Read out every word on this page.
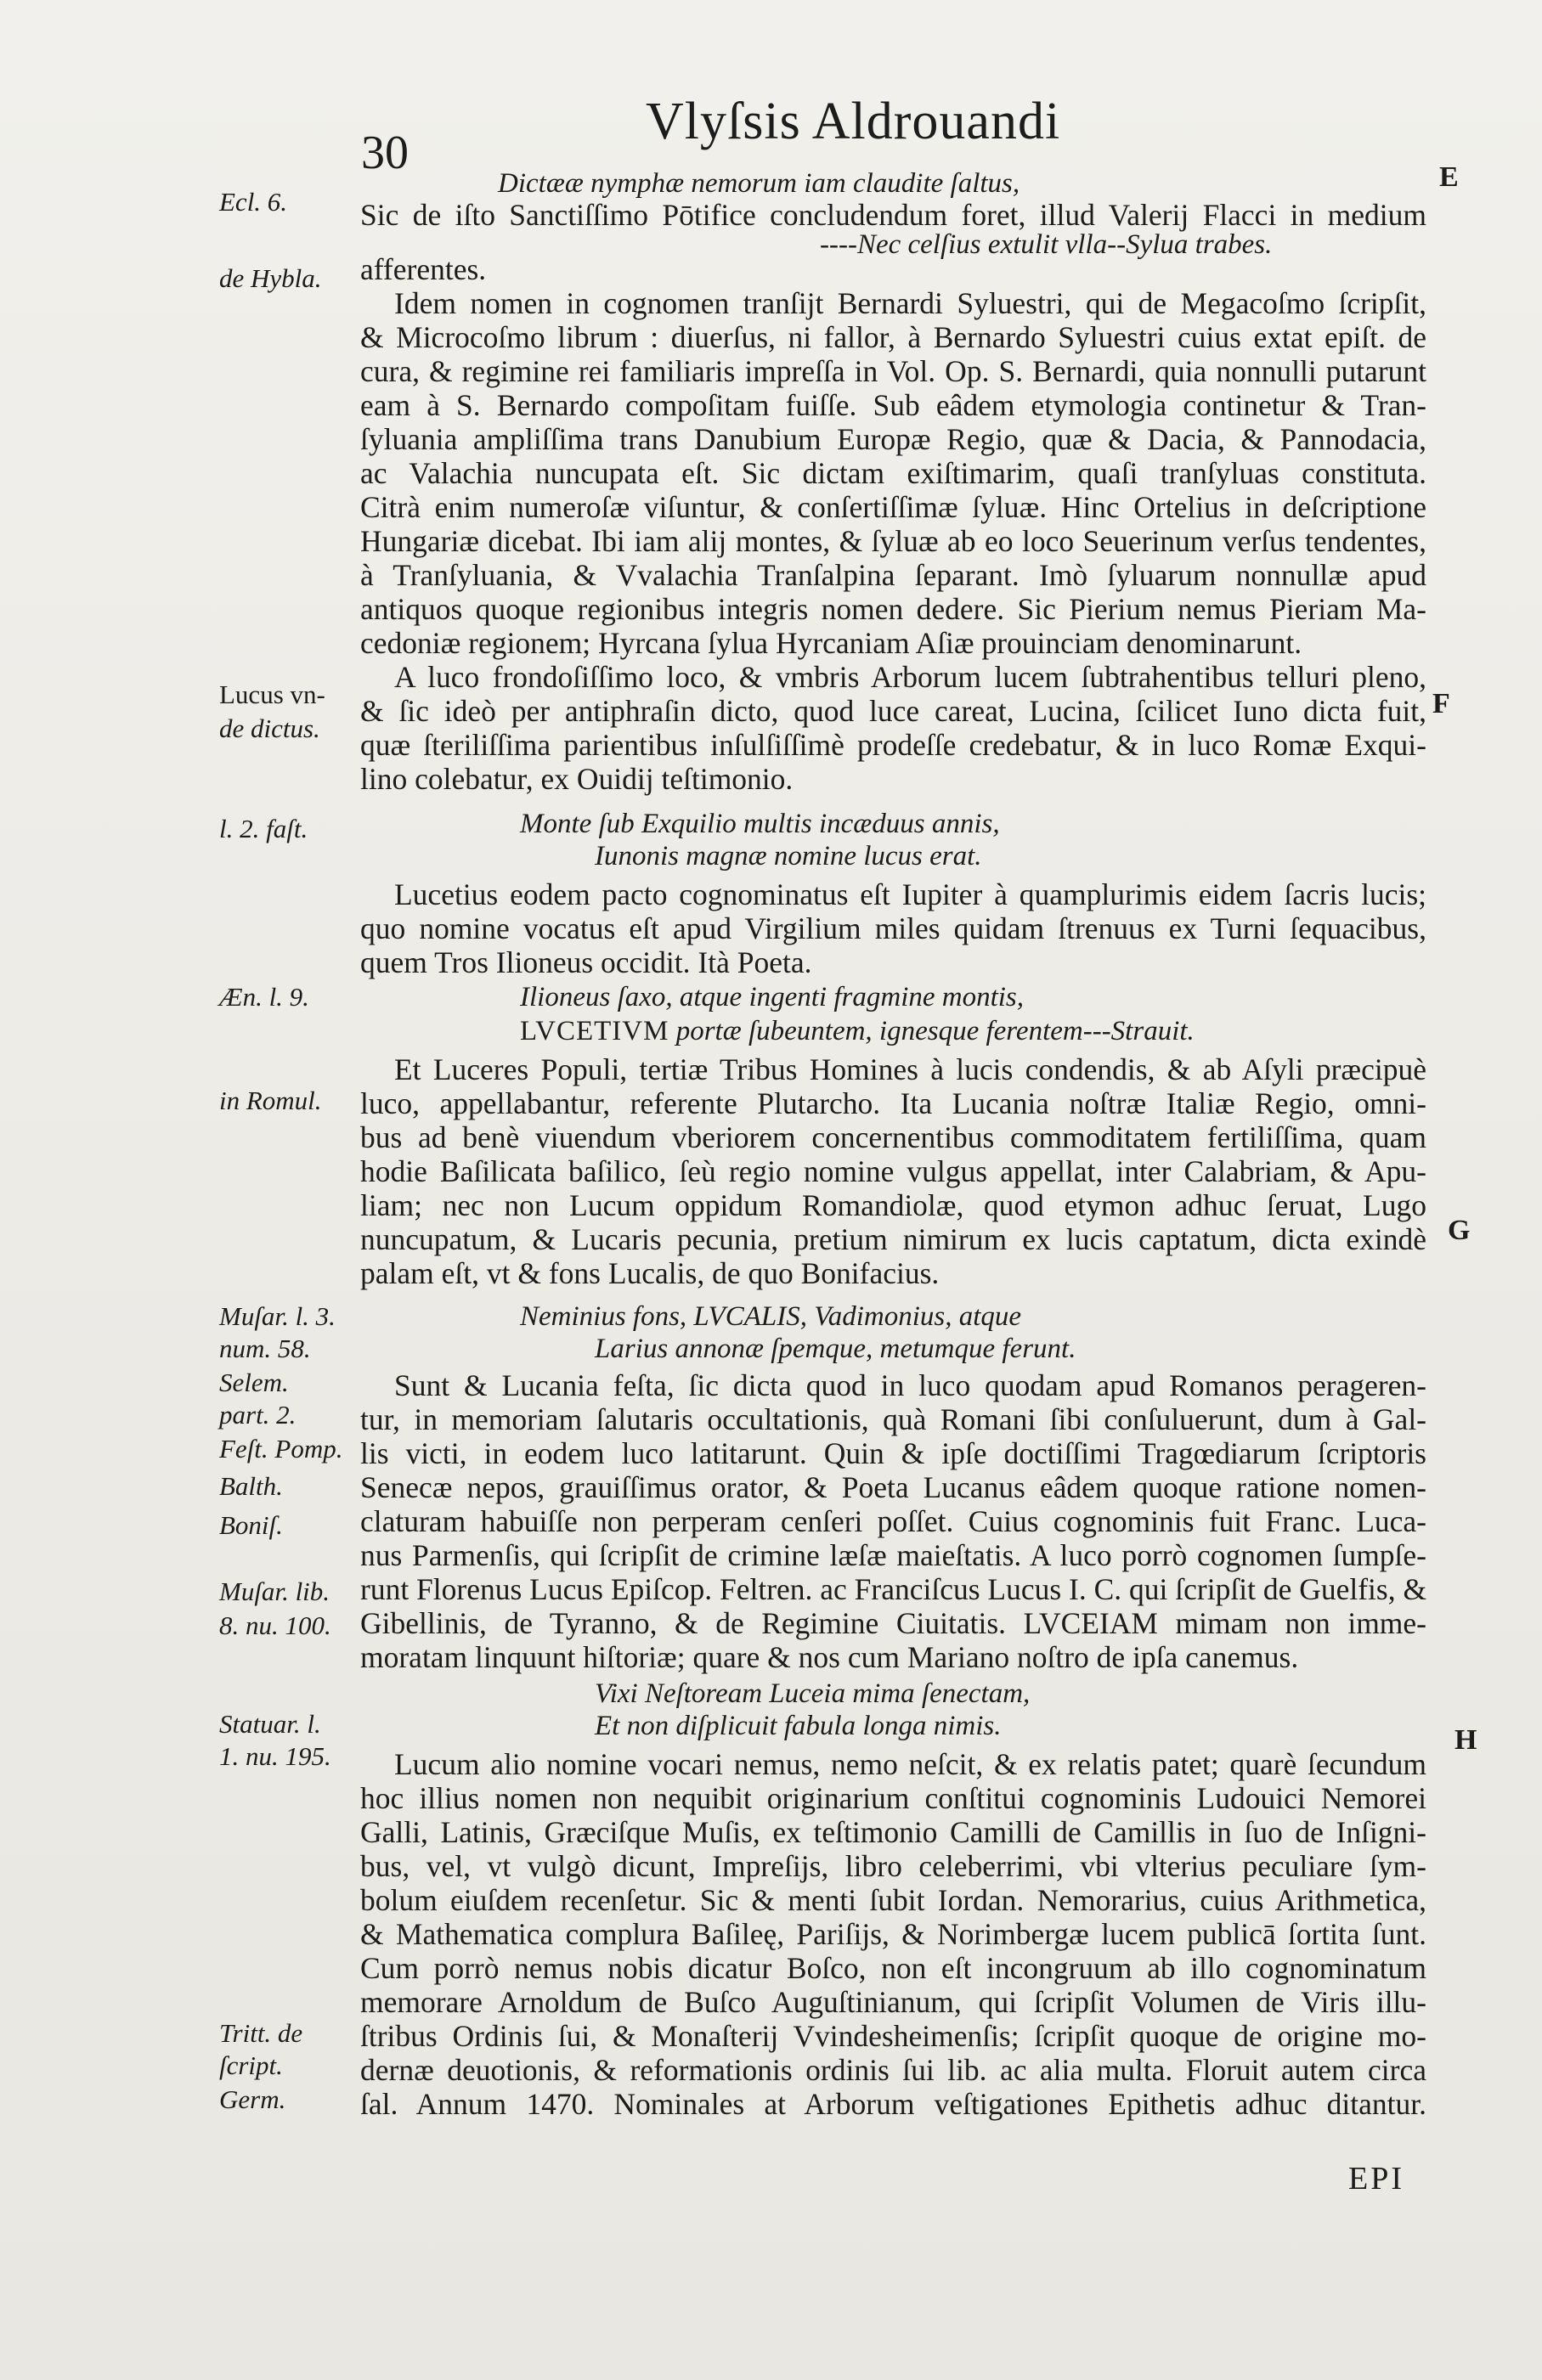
30
Vlyſsis Aldrouandi
E
F
G
H
Ecl. 6.
de Hybla.
Lucus vn-
de dictus.
l. 2. faſt.
Æn. l. 9.
in Romul.
Muſar. l. 3.
num. 58.
Selem.
part. 2.
Feſt. Pomp.
Balth.
Boniſ.
Muſar. lib.
8. nu. 100.
Statuar. l.
1. nu. 195.
Tritt. de
ſcript.
Germ.
Dictææ nymphæ nemorum iam claudite ſaltus,
Sic de iſto Sanctiſſimo Pōtifice concludendum foret, illud Valerij Flacci in medium
----Nec celſius extulit vlla--Sylua trabes.
afferentes.
Idem nomen in cognomen tranſijt Bernardi Syluestri, qui de Megacoſmo ſcripſit,
& Microcoſmo librum : diuerſus, ni fallor, à Bernardo Syluestri cuius extat epiſt. de
cura, & regimine rei familiaris impreſſa in Vol. Op. S. Bernardi, quia nonnulli putarunt
eam à S. Bernardo compoſitam fuiſſe. Sub eâdem etymologia continetur & Tran-
ſyluania ampliſſima trans Danubium Europæ Regio, quæ & Dacia, & Pannodacia,
ac Valachia nuncupata eſt. Sic dictam exiſtimarim, quaſi tranſyluas constituta.
Citrà enim numeroſæ viſuntur, & conſertiſſimæ ſyluæ. Hinc Ortelius in deſcriptione
Hungariæ dicebat. Ibi iam alij montes, & ſyluæ ab eo loco Seuerinum verſus tendentes,
à Tranſyluania, & Vvalachia Tranſalpina ſeparant. Imò ſyluarum nonnullæ apud
antiquos quoque regionibus integris nomen dedere. Sic Pierium nemus Pieriam Ma-
cedoniæ regionem; Hyrcana ſylua Hyrcaniam Aſiæ prouinciam denominarunt.
A luco frondoſiſſimo loco, & vmbris Arborum lucem ſubtrahentibus telluri pleno,
& ſic ideò per antiphraſin dicto, quod luce careat, Lucina, ſcilicet Iuno dicta fuit,
quæ ſteriliſſima parientibus inſulſiſſimè prodeſſe credebatur, & in luco Romæ Exqui-
lino colebatur, ex Ouidij teſtimonio.
Monte ſub Exquilio multis incæduus annis,
Iunonis magnæ nomine lucus erat.
Lucetius eodem pacto cognominatus eſt Iupiter à quamplurimis eidem ſacris lucis;
quo nomine vocatus eſt apud Virgilium miles quidam ſtrenuus ex Turni ſequacibus,
quem Tros Ilioneus occidit. Ità Poeta.
Ilioneus ſaxo, atque ingenti fragmine montis,
LVCETIVM portæ ſubeuntem, ignesque ferentem---Strauit.
Et Luceres Populi, tertiæ Tribus Homines à lucis condendis, & ab Aſyli præcipuè
luco, appellabantur, referente Plutarcho. Ita Lucania noſtræ Italiæ Regio, omni-
bus ad benè viuendum vberiorem concernentibus commoditatem fertiliſſima, quam
hodie Baſilicata baſilico, ſeù regio nomine vulgus appellat, inter Calabriam, & Apu-
liam; nec non Lucum oppidum Romandiolæ, quod etymon adhuc ſeruat, Lugo
nuncupatum, & Lucaris pecunia, pretium nimirum ex lucis captatum, dicta exindè
palam eſt, vt & fons Lucalis, de quo Bonifacius.
Neminius fons, LVCALIS, Vadimonius, atque
Larius annonæ ſpemque, metumque ferunt.
Sunt & Lucania feſta, ſic dicta quod in luco quodam apud Romanos perageren-
tur, in memoriam ſalutaris occultationis, quà Romani ſibi conſuluerunt, dum à Gal-
lis victi, in eodem luco latitarunt. Quin & ipſe doctiſſimi Tragœdiarum ſcriptoris
Senecæ nepos, grauiſſimus orator, & Poeta Lucanus eâdem quoque ratione nomen-
claturam habuiſſe non perperam cenſeri poſſet. Cuius cognominis fuit Franc. Luca-
nus Parmenſis, qui ſcripſit de crimine læſæ maieſtatis. A luco porrò cognomen ſumpſe-
runt Florenus Lucus Epiſcop. Feltren. ac Franciſcus Lucus I. C. qui ſcripſit de Guelfis, &
Gibellinis, de Tyranno, & de Regimine Ciuitatis. LVCEIAM mimam non imme-
moratam linquunt hiſtoriæ; quare & nos cum Mariano noſtro de ipſa canemus.
Vixi Neſtoream Luceia mima ſenectam,
Et non diſplicuit fabula longa nimis.
Lucum alio nomine vocari nemus, nemo neſcit, & ex relatis patet; quarè ſecundum
hoc illius nomen non nequibit originarium conſtitui cognominis Ludouici Nemorei
Galli, Latinis, Græciſque Muſis, ex teſtimonio Camilli de Camillis in ſuo de Inſigni-
bus, vel, vt vulgò dicunt, Impreſijs, libro celeberrimi, vbi vlterius peculiare ſym-
bolum eiuſdem recenſetur. Sic & menti ſubit Iordan. Nemorarius, cuius Arithmetica,
& Mathematica complura Baſileę, Pariſijs, & Norimbergæ lucem publicā ſortita ſunt.
Cum porrò nemus nobis dicatur Boſco, non eſt incongruum ab illo cognominatum
memorare Arnoldum de Buſco Auguſtinianum, qui ſcripſit Volumen de Viris illu-
ſtribus Ordinis ſui, & Monaſterij Vvindesheimenſis; ſcripſit quoque de origine mo-
dernæ deuotionis, & reformationis ordinis ſui lib. ac alia multa. Floruit autem circa
ſal. Annum 1470. Nominales at Arborum veſtigationes Epithetis adhuc ditantur.
EPI
